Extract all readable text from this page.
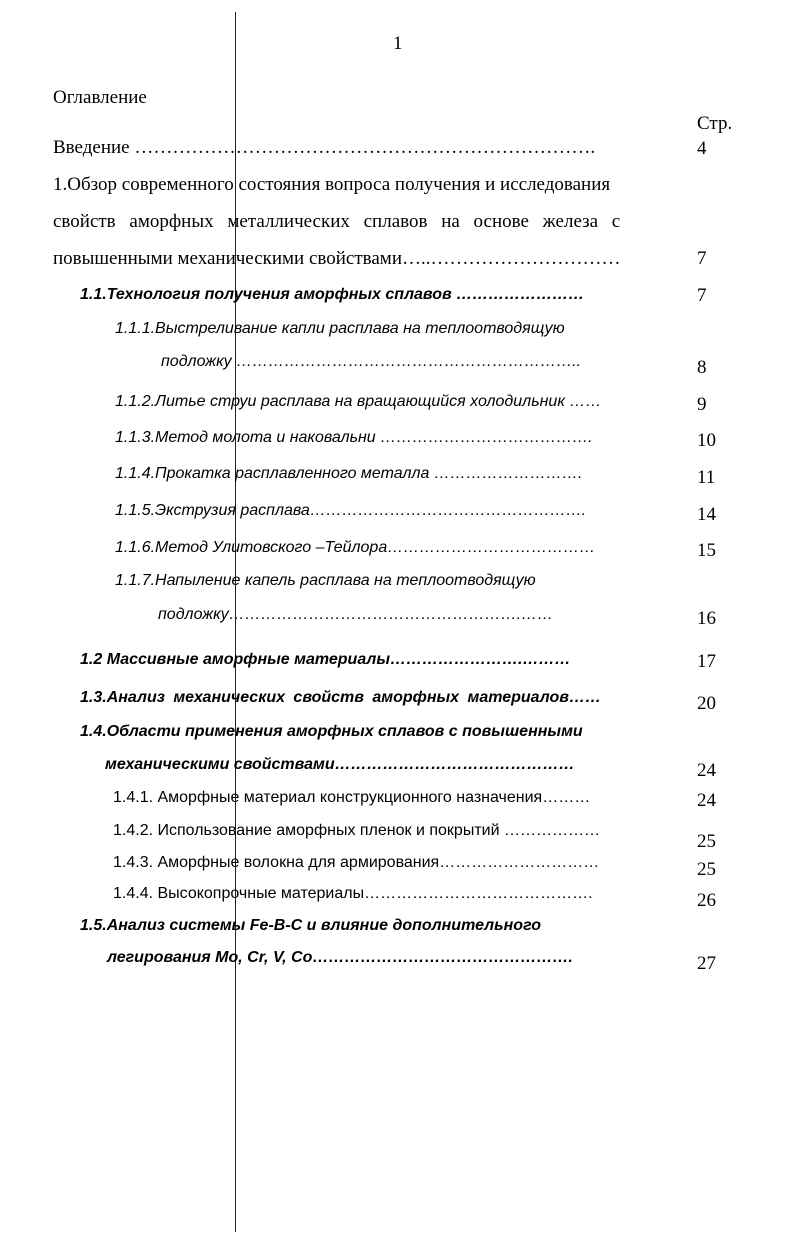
1
Оглавление
Стр.
Введение ……………………………………………………………….	4
1.Обзор современного состояния вопроса получения и исследования
свойств аморфных металлических сплавов на основе железа с
повышенными механическими свойствами…..…………………………	7
1.1.Технология получения аморфных сплавов ……………………	7
1.1.1.Выстреливание капли расплава на теплоотводящую
подложку ………………………………………………………..	8
1.1.2.Литье струи расплава на вращающийся холодильник ……	9
1.1.3.Метод молота и наковальни ………………………………….	10
1.1.4.Прокатка расплавленного металла ……………………….	11
1.1.5.Экструзия расплава…………………………………………….	14
1.1.6.Метод Улитовского –Тейлора…………………………………	15
1.1.7.Напыление капель расплава на теплоотводящую
подложку……………………………………………….……	16
1.2 Массивные аморфные материалы…………………….………	17
1.3.Анализ механических свойств аморфных материалов……	20
1.4.Области применения аморфных сплавов с повышенными
механическими свойствами………………………………………	24
1.4.1. Аморфные материал конструкционного назначения………	24
1.4.2. Использование аморфных пленок и покрытий ………………
25
1.4.3. Аморфные волокна для армирования…………………………	25
1.4.4. Высокопрочные материалы…………………………………….	26
1.5.Анализ системы Fe-B-C и влияние дополнительного
легирования Mo, Cr, V, Co………………………………………….	27
